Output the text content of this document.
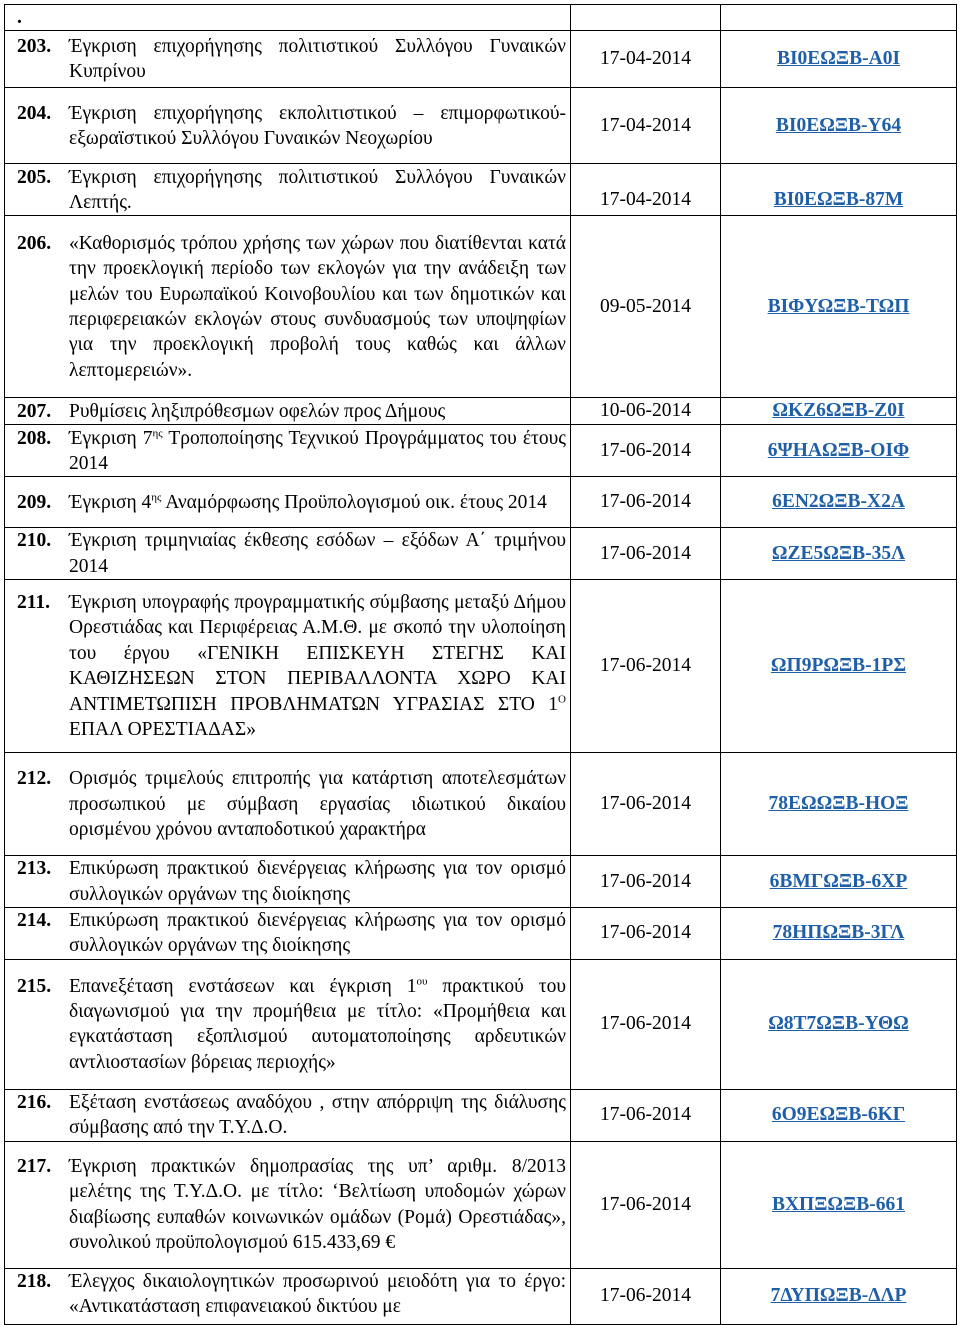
.		

203. Έγκριση επιχορήγησης πολιτιστικού Συλλόγου Γυναικών Κυπρίνου	17-04-2014	ΒΙ0ΕΩΞΒ-Α0Ι

204. Έγκριση επιχορήγησης εκπολιτιστικού – επιμορφωτικού- εξωραϊστικού Συλλόγου Γυναικών Νεοχωρίου	17-04-2014	ΒΙ0ΕΩΞΒ-Υ64

205. Έγκριση επιχορήγησης πολιτιστικού Συλλόγου Γυναικών Λεπτής.	17-04-2014	ΒΙ0ΕΩΞΒ-87Μ

206. «Καθορισμός τρόπου χρήσης των χώρων που διατίθενται κατά την προεκλογική περίοδο των εκλογών για την ανάδειξη των μελών του Ευρωπαϊκού Κοινοβουλίου και των δημοτικών και περιφερειακών εκλογών στους συνδυασμούς των υποψηφίων για την προεκλογική προβολή τους καθώς και άλλων λεπτομερειών».	09-05-2014	ΒΙΦΥΩΞΒ-ΤΩΠ

207. Ρυθμίσεις ληξιπρόθεσμων οφελών προς Δήμους	10-06-2014	ΩΚΖ6ΩΞΒ-Ζ0Ι

208. Έγκριση $7^{\eta\varsigma}$ Τροποποίησης Τεχνικού Προγράμματος του έτους 2014	17-06-2014	6ΨΗΑΩΞΒ-ΟΙΦ

209. Έγκριση $4^{\eta\varsigma}$ Αναμόρφωσης Προϋπολογισμού οικ. έτους 2014	17-06-2014	6ΕΝ2ΩΞΒ-Χ2Α

210. Έγκριση τριμηνιαίας έκθεσης εσόδων – εξόδων Α΄ τριμήνου 2014	17-06-2014	ΩΖΕ5ΩΞΒ-35Λ

211. Έγκριση υπογραφής προγραμματικής σύμβασης μεταξύ Δήμου Ορεστιάδας και Περιφέρειας Α.Μ.Θ. με σκοπό την υλοποίηση του έργου «ΓΕΝΙΚΗ ΕΠΙΣΚΕΥΗ ΣΤΕΓΗΣ ΚΑΙ ΚΑΘΙΖΗΣΕΩΝ ΣΤΟΝ ΠΕΡΙΒΑΛΛΟΝΤΑ ΧΩΡΟ ΚΑΙ ΑΝΤΙΜΕΤΩΠΙΣΗ ΠΡΟΒΛΗΜΑΤΩΝ ΥΓΡΑΣΙΑΣ ΣΤΟ $1^O$ ΕΠΑΛ ΟΡΕΣΤΙΑΔΑΣ»	17-06-2014	ΩΠ9ΡΩΞΒ-1ΡΣ

212. Ορισμός τριμελούς επιτροπής για κατάρτιση αποτελεσμάτων προσωπικού με σύμβαση εργασίας ιδιωτικού δικαίου ορισμένου χρόνου ανταποδοτικού χαρακτήρα	17-06-2014	78ΕΩΩΞΒ-ΗΟΞ

213. Επικύρωση πρακτικού διενέργειας κλήρωσης για τον ορισμό συλλογικών οργάνων της διοίκησης	17-06-2014	6ΒΜΓΩΞΒ-6ΧΡ

214. Επικύρωση πρακτικού διενέργειας κλήρωσης για τον ορισμό συλλογικών οργάνων της διοίκησης	17-06-2014	78ΗΠΩΞΒ-3ΓΛ

215. Επανεξέταση ενστάσεων και έγκριση $1^{o\upsilon}$ πρακτικού του διαγωνισμού για την προμήθεια με τίτλο: «Προμήθεια και εγκατάσταση εξοπλισμού αυτοματοποίησης αρδευτικών αντλιοστασίων βόρειας περιοχής»	17-06-2014	Ω8Τ7ΩΞΒ-ΥΘΩ

216. Εξέταση ενστάσεως αναδόχου , στην απόρριψη της διάλυσης σύμβασης από την Τ.Υ.Δ.Ο.	17-06-2014	6Ο9ΕΩΞΒ-6ΚΓ

217. Έγκριση πρακτικών δημοπρασίας της υπ’ αριθμ. 8/2013 μελέτης της Τ.Υ.Δ.Ο. με τίτλο: ‘Βελτίωση υποδομών χώρων διαβίωσης ευπαθών κοινωνικών ομάδων (Ρομά) Ορεστιάδας», συνολικού προϋπολογισμού 615.433,69 €	17-06-2014	ΒΧΠΞΩΞΒ-661

218. Έλεγχος δικαιολογητικών προσωρινού μειοδότη για το έργο: «Αντικατάσταση επιφανειακού δικτύου με	17-06-2014	7ΔΥΠΩΞΒ-ΔΛΡ
